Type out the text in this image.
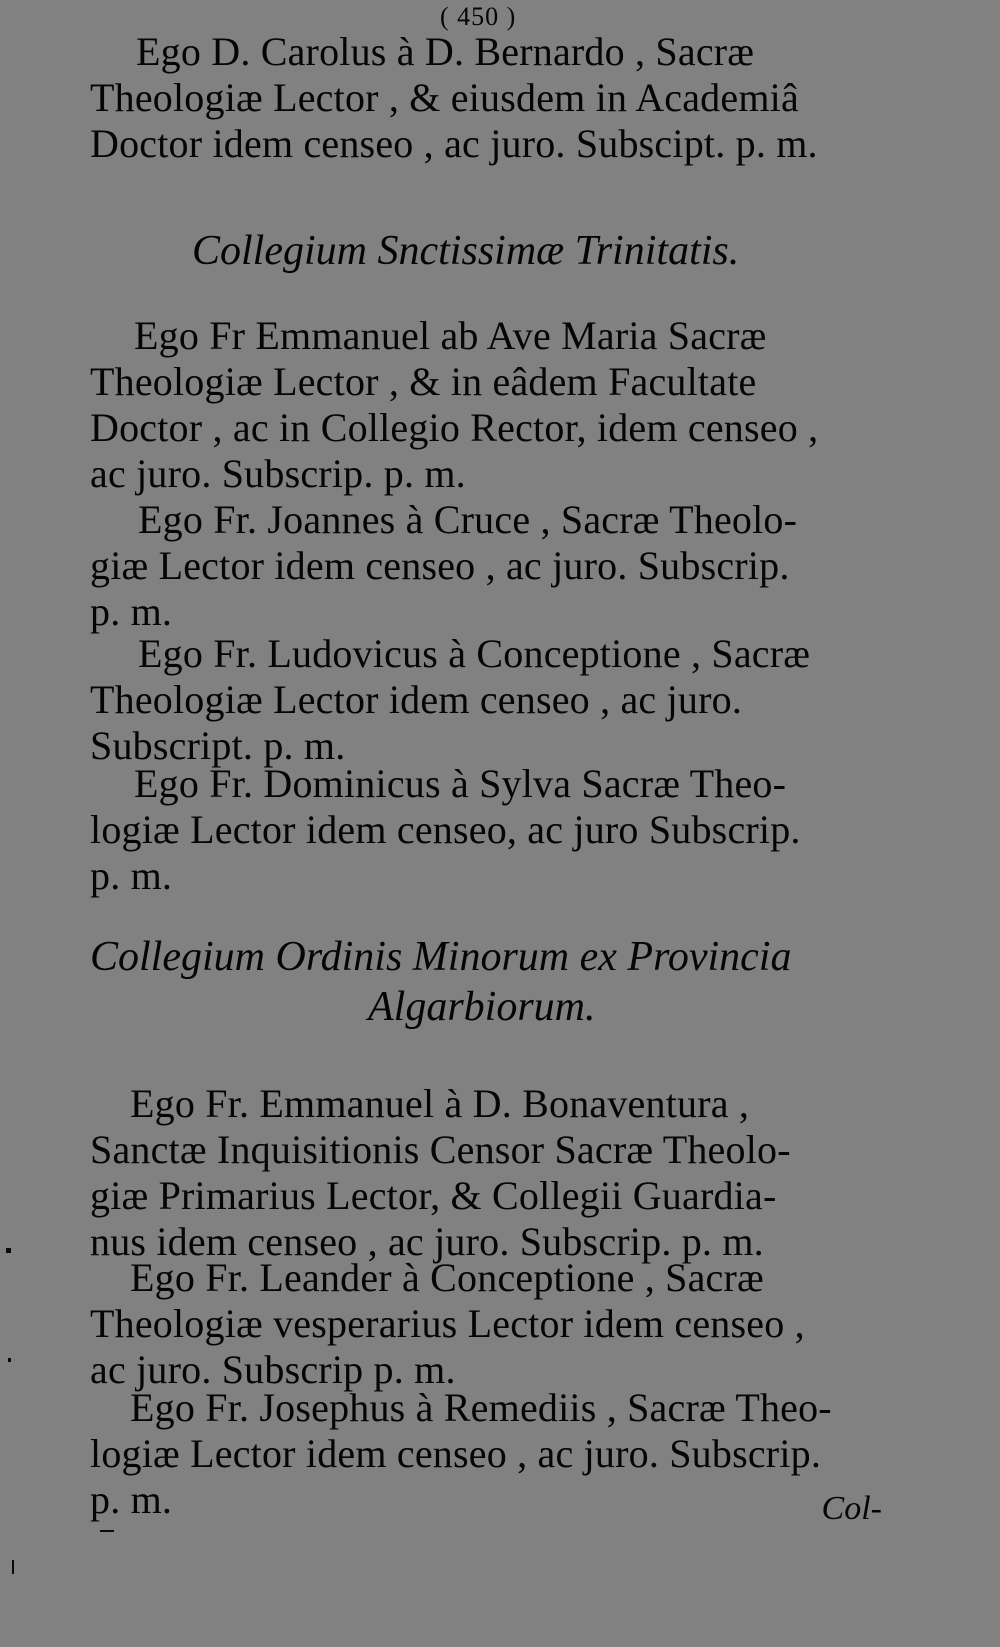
( 450 )
Ego D. Carolus à D. Bernardo , Sacræ
Theologiæ Lector , & eiusdem in Academiâ
Doctor idem censeo , ac juro. Subscipt. p. m.
Collegium Snctissimæ Trinitatis.
Ego Fr Emmanuel ab Ave Maria Sacræ
Theologiæ Lector , & in eâdem Facultate
Doctor , ac in Collegio Rector, idem censeo ,
ac juro. Subscrip. p. m.
Ego Fr. Joannes à Cruce , Sacræ Theolo-
giæ Lector idem censeo , ac juro. Subscrip.
p. m.
Ego Fr. Ludovicus à Conceptione , Sacræ
Theologiæ Lector idem censeo , ac juro.
Subscript. p. m.
Ego Fr. Dominicus à Sylva Sacræ Theo-
logiæ Lector idem censeo, ac juro Subscrip.
p. m.
Collegium Ordinis Minorum ex Provincia
Algarbiorum.
Ego Fr. Emmanuel à D. Bonaventura ,
Sanctæ Inquisitionis Censor Sacræ Theolo-
giæ Primarius Lector, & Collegii Guardia-
nus idem censeo , ac juro. Subscrip. p. m.
Ego Fr. Leander à Conceptione , Sacræ
Theologiæ vesperarius Lector idem censeo ,
ac juro. Subscrip p. m.
Ego Fr. Josephus à Remediis , Sacræ Theo-
logiæ Lector idem censeo , ac juro. Subscrip.
p. m.	Col-
